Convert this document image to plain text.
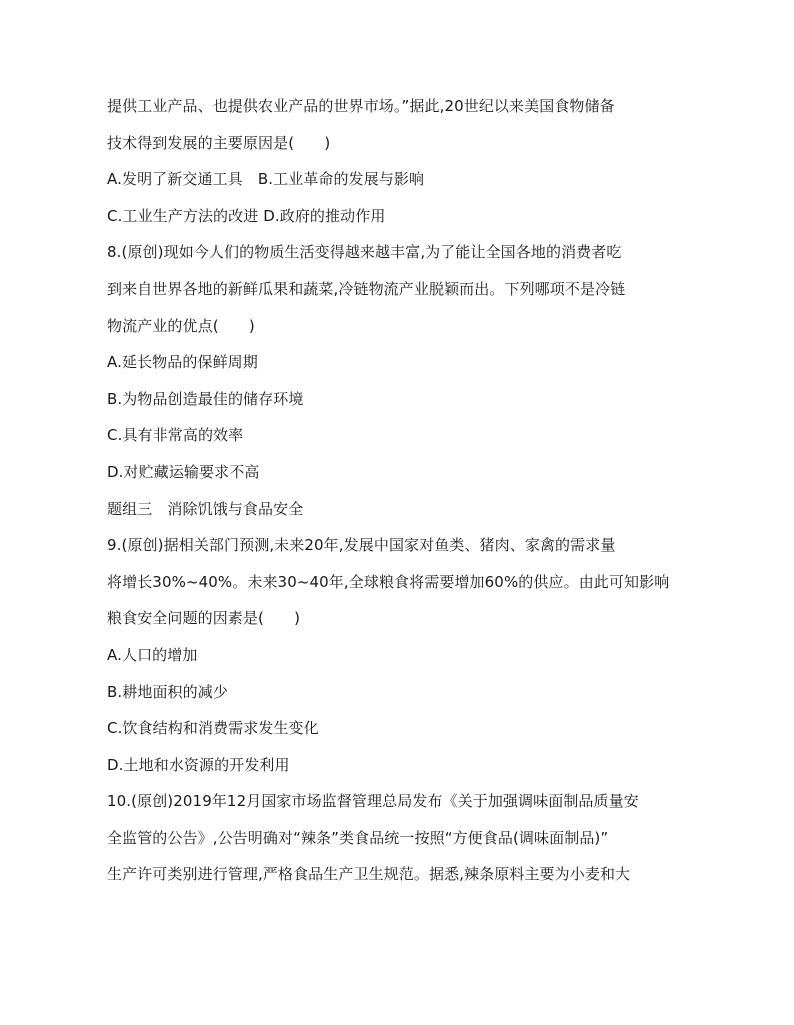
提供工业产品、也提供农业产品的世界市场。”据此,20世纪以来美国食物储备
技术得到发展的主要原因是(　　)
A.发明了新交通工具　B.工业革命的发展与影响
C.工业生产方法的改进 D.政府的推动作用
8.(原创)现如今人们的物质生活变得越来越丰富,为了能让全国各地的消费者吃
到来自世界各地的新鲜瓜果和蔬菜,冷链物流产业脱颖而出。下列哪项不是冷链
物流产业的优点(　　)
A.延长物品的保鲜周期
B.为物品创造最佳的储存环境
C.具有非常高的效率
D.对贮藏运输要求不高
题组三　消除饥饿与食品安全
9.(原创)据相关部门预测,未来20年,发展中国家对鱼类、猪肉、家禽的需求量
将增长30%~40%。未来30~40年,全球粮食将需要增加60%的供应。由此可知影响
粮食安全问题的因素是(　　)
A.人口的增加
B.耕地面积的减少
C.饮食结构和消费需求发生变化
D.土地和水资源的开发利用
10.(原创)2019年12月国家市场监督管理总局发布《关于加强调味面制品质量安
全监管的公告》,公告明确对“辣条”类食品统一按照“方便食品(调味面制品)”
生产许可类别进行管理,严格食品生产卫生规范。据悉,辣条原料主要为小麦和大
